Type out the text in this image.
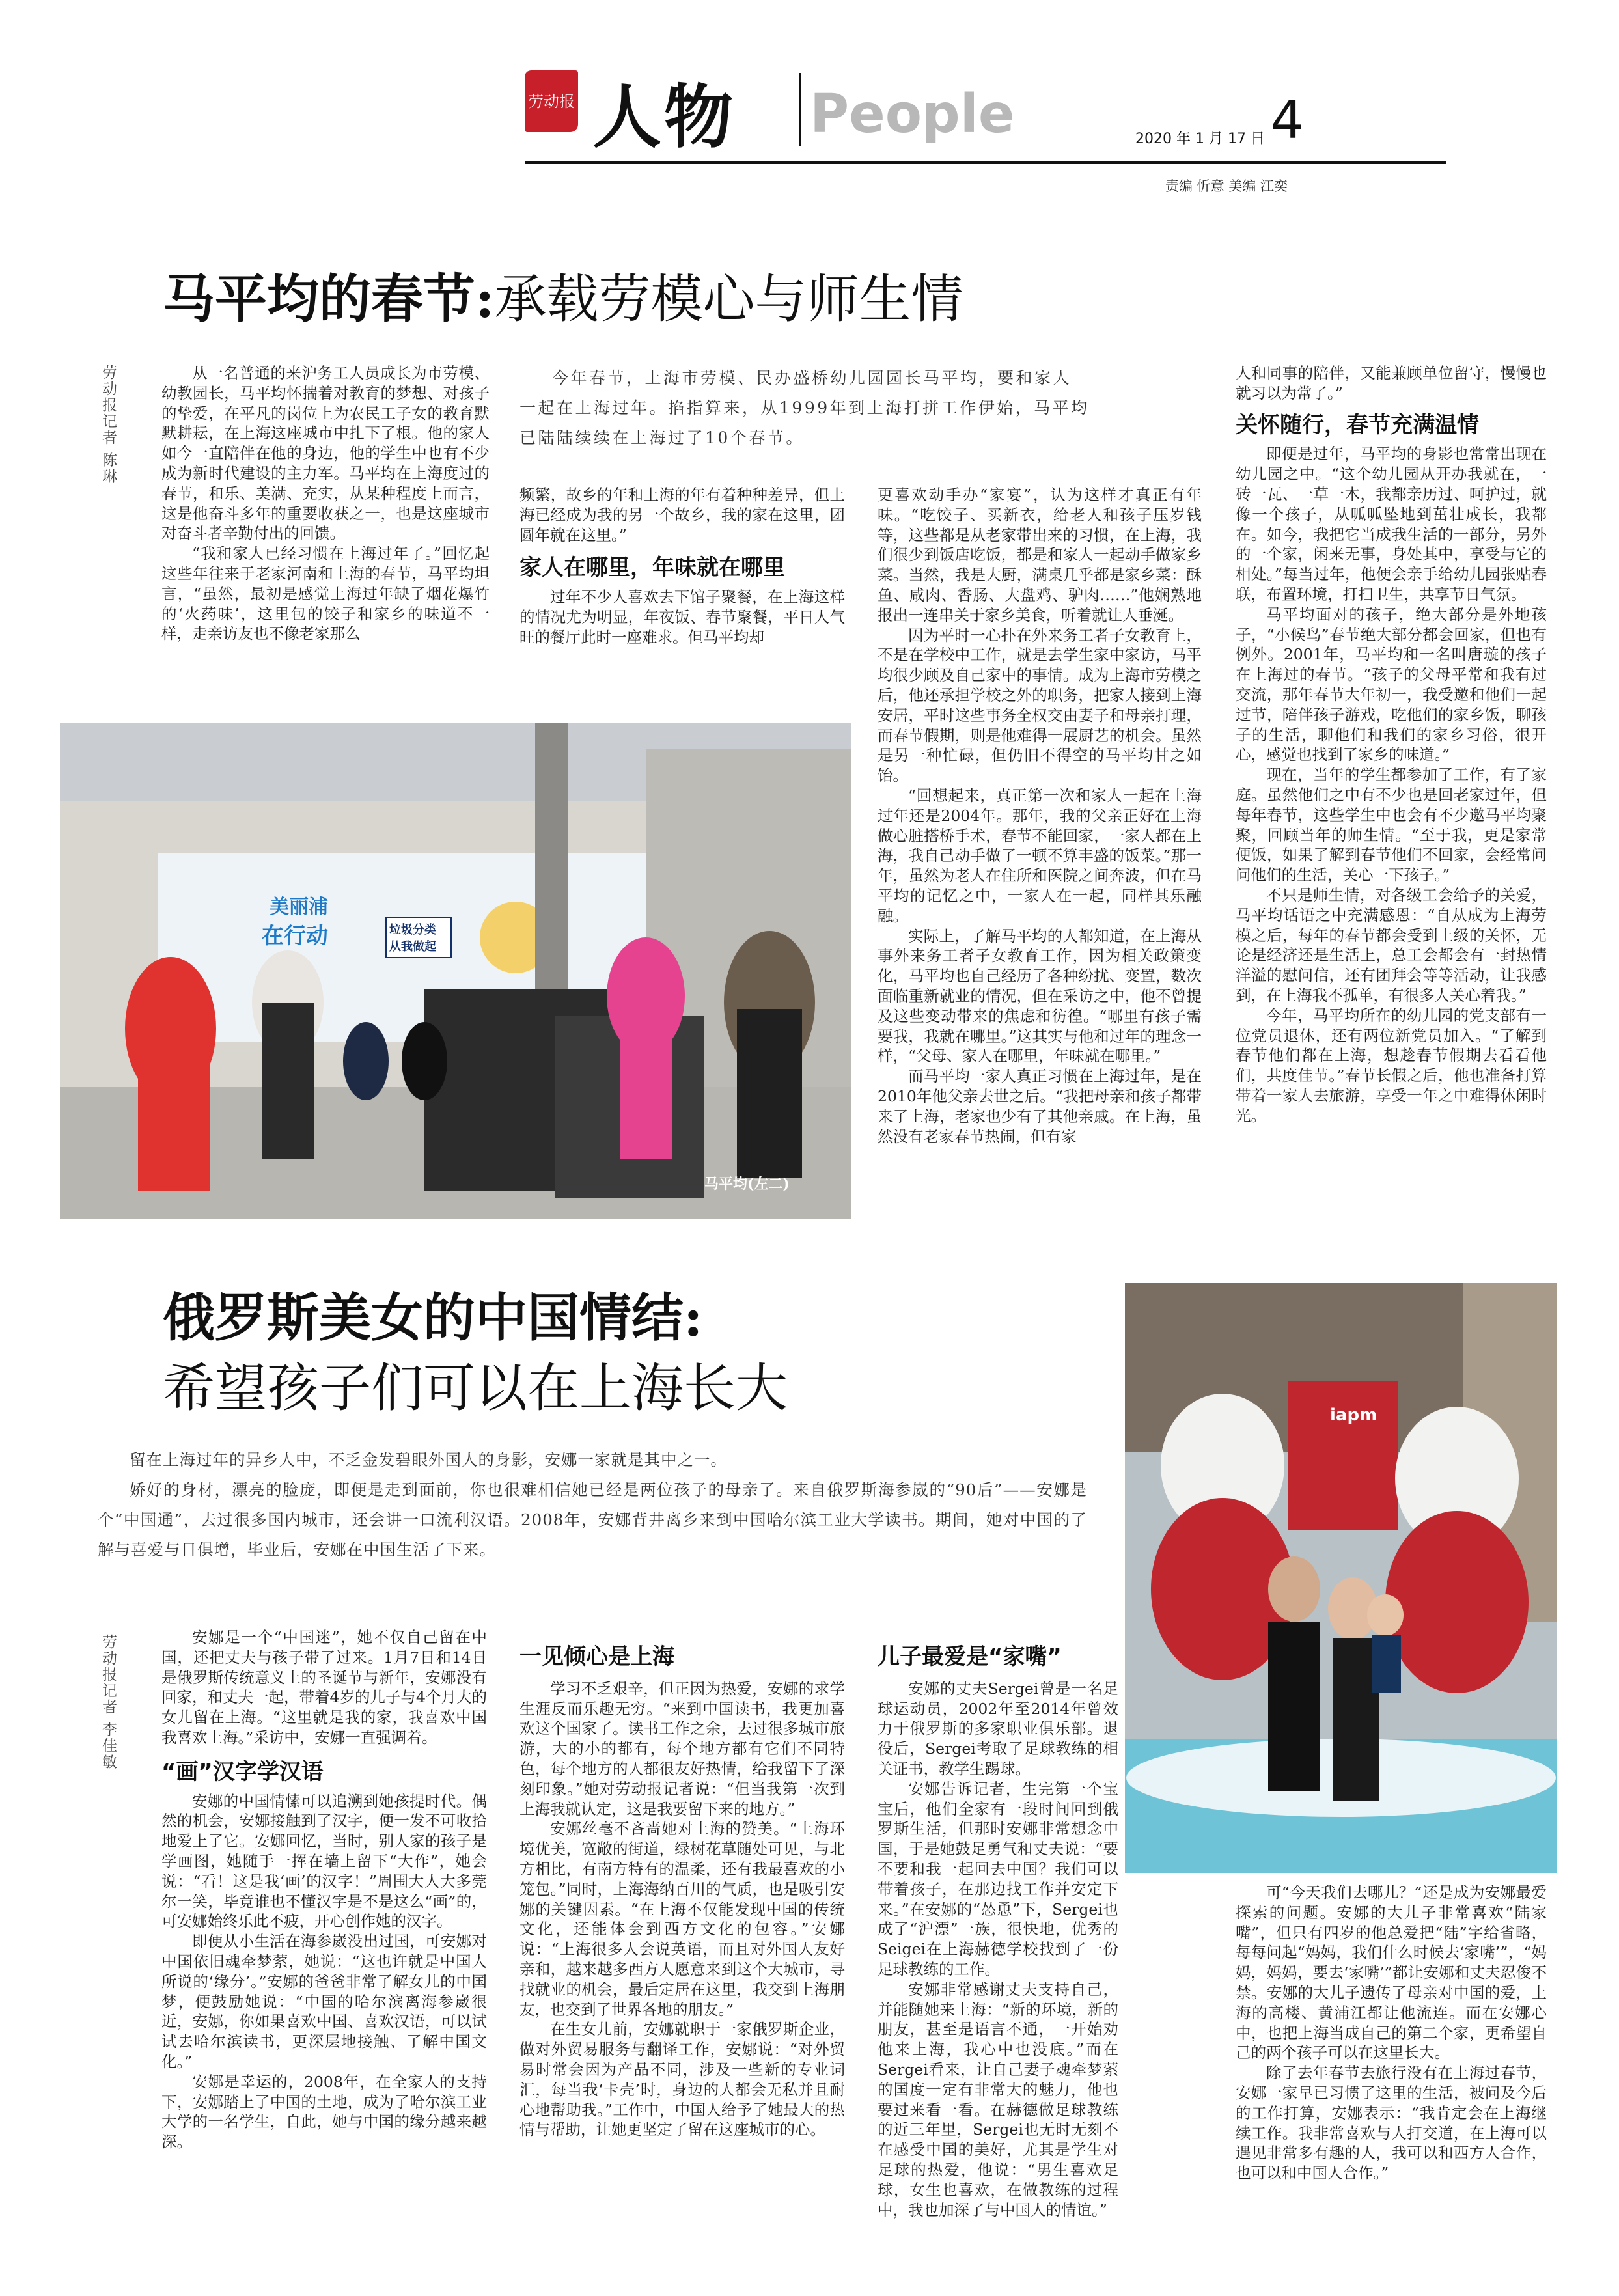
劳动报 人物 People	2020 年 1 月 17 日 4
责编 忻意 美编 江奕
马平均的春节:承载劳模心与师生情
劳动报记者 陈琳	从一名普通的来沪务工人员成长为市劳模、幼教园长，马平均怀揣着对教育的梦想、对孩子的挚爱，在平凡的岗位上为农民工子女的教育默默耕耘，在上海这座城市中扎下了根。他的家人如今一直陪伴在他的身边，他的学生中也有不少成为新时代建设的主力军。马平均在上海度过的春节，和乐、美满、充实，从某种程度上而言，这是他奋斗多年的重要收获之一，也是这座城市对奋斗者辛勤付出的回馈。

“我和家人已经习惯在上海过年了。”回忆起这些年往来于老家河南和上海的春节，马平均坦言，“虽然，最初是感觉上海过年缺了烟花爆竹的‘火药味’，这里包的饺子和家乡的味道不一样，走亲访友也不像老家那么

今年春节，上海市劳模、民办盛桥幼儿园园长马平均，要和家人
一起在上海过年。掐指算来，从1999年到上海打拼工作伊始，马平均
已陆陆续续在上海过了10个春节。

频繁，故乡的年和上海的年有着种种差异，但上海已经成为我的另一个故乡，我的家在这里，团圆年就在这里。”

家人在哪里，年味就在哪里

过年不少人喜欢去下馆子聚餐，在上海这样的情况尤为明显，年夜饭、春节聚餐，平日人气旺的餐厅此时一座难求。但马平均却

更喜欢动手办“家宴”，认为这样才真正有年味。“吃饺子、买新衣，给老人和孩子压岁钱等，这些都是从老家带出来的习惯，在上海，我们很少到饭店吃饭，都是和家人一起动手做家乡菜。当然，我是大厨，满桌几乎都是家乡菜：酥鱼、咸肉、香肠、大盘鸡、驴肉……”他娴熟地报出一连串关于家乡美食，听着就让人垂涎。

因为平时一心扑在外来务工者子女教育上，不是在学校中工作，就是去学生家中家访，马平均很少顾及自己家中的事情。成为上海市劳模之后，他还承担学校之外的职务，把家人接到上海安居，平时这些事务全权交由妻子和母亲打理，而春节假期，则是他难得一展厨艺的机会。虽然是另一种忙碌，但仍旧不得空的马平均甘之如饴。

“回想起来，真正第一次和家人一起在上海过年还是2004年。那年，我的父亲正好在上海做心脏搭桥手术，春节不能回家，一家人都在上海，我自己动手做了一顿不算丰盛的饭菜。”那一年，虽然为老人在住所和医院之间奔波，但在马平均的记忆之中，一家人在一起，同样其乐融融。

实际上，了解马平均的人都知道，在上海从事外来务工者子女教育工作，因为相关政策变化，马平均也自己经历了各种纷扰、变置，数次面临重新就业的情况，但在采访之中，他不曾提及这些变动带来的焦虑和彷徨。“哪里有孩子需要我，我就在哪里。”这其实与他和过年的理念一样，“父母、家人在哪里，年味就在哪里。”

而马平均一家人真正习惯在上海过年，是在2010年他父亲去世之后。“我把母亲和孩子都带来了上海，老家也少有了其他亲戚。在上海，虽然没有老家春节热闹，但有家

人和同事的陪伴，又能兼顾单位留守，慢慢也就习以为常了。”

关怀随行，春节充满温情

即便是过年，马平均的身影也常常出现在幼儿园之中。“这个幼儿园从开办我就在，一砖一瓦、一草一木，我都亲历过、呵护过，就像一个孩子，从呱呱坠地到茁壮成长，我都在。如今，我把它当成我生活的一部分，另外的一个家，闲来无事，身处其中，享受与它的相处。”每当过年，他便会亲手给幼儿园张贴春联，布置环境，打扫卫生，共享节日气氛。

马平均面对的孩子，绝大部分是外地孩子，“小候鸟”春节绝大部分都会回家，但也有例外。2001年，马平均和一名叫唐璇的孩子在上海过的春节。“孩子的父母平常和我有过交流，那年春节大年初一，我受邀和他们一起过节，陪伴孩子游戏，吃他们的家乡饭，聊孩子的生活，聊他们和我们的家乡习俗，很开心，感觉也找到了家乡的味道。”

现在，当年的学生都参加了工作，有了家庭。虽然他们之中有不少也是回老家过年，但每年春节，这些学生中也会有不少邀马平均聚聚，回顾当年的师生情。“至于我，更是家常便饭，如果了解到春节他们不回家，会经常问问他们的生活，关心一下孩子。”

不只是师生情，对各级工会给予的关爱，马平均话语之中充满感恩：“自从成为上海劳模之后，每年的春节都会受到上级的关怀，无论是经济还是生活上，总工会都会有一封热情洋溢的慰问信，还有团拜会等等活动，让我感到，在上海我不孤单，有很多人关心着我。”

今年，马平均所在的幼儿园的党支部有一位党员退休，还有两位新党员加入。“了解到春节他们都在上海，想趁春节假期去看看他们，共度佳节。”春节长假之后，他也准备打算带着一家人去旅游，享受一年之中难得休闲时光。

美丽浦
在行动	垃圾分类 从我做起
马平均(左二)
俄罗斯美女的中国情结:
希望孩子们可以在上海长大
留在上海过年的异乡人中，不乏金发碧眼外国人的身影，安娜一家就是其中之一。
娇好的身材，漂亮的脸庞，即便是走到面前，你也很难相信她已经是两位孩子的母亲了。来自俄罗斯海参崴的“90后”——安娜是个“中国通”，去过很多国内城市，还会讲一口流利汉语。2008年，安娜背井离乡来到中国哈尔滨工业大学读书。期间，她对中国的了解与喜爱与日俱增，毕业后，安娜在中国生活了下来。
iapm
劳动报记者 李佳敏	安娜是一个“中国迷”，她不仅自己留在中国，还把丈夫与孩子带了过来。1月7日和14日是俄罗斯传统意义上的圣诞节与新年，安娜没有回家，和丈夫一起，带着4岁的儿子与4个月大的女儿留在上海。“这里就是我的家，我喜欢中国我喜欢上海。”采访中，安娜一直强调着。

“画”汉字学汉语

安娜的中国情愫可以追溯到她孩提时代。偶然的机会，安娜接触到了汉字，便一发不可收拾地爱上了它。安娜回忆，当时，别人家的孩子是学画图，她随手一挥在墙上留下“大作”，她会说：“看！这是我‘画’的汉字！”周围大人大多莞尔一笑，毕竟谁也不懂汉字是不是这么“画”的，可安娜始终乐此不疲，开心创作她的汉字。

即便从小生活在海参崴没出过国，可安娜对中国依旧魂牵梦萦，她说：“这也许就是中国人所说的‘缘分’。”安娜的爸爸非常了解女儿的中国梦，便鼓励她说：“中国的哈尔滨离海参崴很近，安娜，你如果喜欢中国、喜欢汉语，可以试试去哈尔滨读书，更深层地接触、了解中国文化。”

安娜是幸运的，2008年，在全家人的支持下，安娜踏上了中国的土地，成为了哈尔滨工业大学的一名学生，自此，她与中国的缘分越来越深。

一见倾心是上海

学习不乏艰辛，但正因为热爱，安娜的求学生涯反而乐趣无穷。“来到中国读书，我更加喜欢这个国家了。读书工作之余，去过很多城市旅游，大的小的都有，每个地方都有它们不同特色，每个地方的人都很友好热情，给我留下了深刻印象。”她对劳动报记者说：“但当我第一次到上海我就认定，这是我要留下来的地方。”

安娜丝毫不吝啬她对上海的赞美。“上海环境优美，宽敞的街道，绿树花草随处可见，与北方相比，有南方特有的温柔，还有我最喜欢的小笼包。”同时，上海海纳百川的气质，也是吸引安娜的关键因素。“在上海不仅能发现中国的传统文化，还能体会到西方文化的包容。”安娜说：“上海很多人会说英语，而且对外国人友好亲和，越来越多西方人愿意来到这个大城市，寻找就业的机会，最后定居在这里，我交到上海朋友，也交到了世界各地的朋友。”

在生女儿前，安娜就职于一家俄罗斯企业，做对外贸易服务与翻译工作，安娜说：“对外贸易时常会因为产品不同，涉及一些新的专业词汇，每当我‘卡壳’时，身边的人都会无私并且耐心地帮助我。”工作中，中国人给予了她最大的热情与帮助，让她更坚定了留在这座城市的心。

儿子最爱是“家嘴”

安娜的丈夫Sergei曾是一名足球运动员，2002年至2014年曾效力于俄罗斯的多家职业俱乐部。退役后，Sergei考取了足球教练的相关证书，教学生踢球。

安娜告诉记者，生完第一个宝宝后，他们全家有一段时间回到俄罗斯生活，但那时安娜非常想念中国，于是她鼓足勇气和丈夫说：“要不要和我一起回去中国？我们可以带着孩子，在那边找工作并安定下来。”在安娜的“怂恿”下，Sergei也成了“沪漂”一族，很快地，优秀的Seigei在上海赫德学校找到了一份足球教练的工作。

安娜非常感谢丈夫支持自己，并能随她来上海：“新的环境，新的朋友，甚至是语言不通，一开始劝他来上海，我心中也没底。”而在Sergei看来，让自己妻子魂牵梦萦的国度一定有非常大的魅力，他也要过来看一看。在赫德做足球教练的近三年里，Sergei也无时无刻不在感受中国的美好，尤其是学生对足球的热爱，他说：“男生喜欢足球，女生也喜欢，在做教练的过程中，我也加深了与中国人的情谊。”

可“今天我们去哪儿？”还是成为安娜最爱探索的问题。安娜的大儿子非常喜欢“陆家嘴”，但只有四岁的他总爱把“陆”字给省略，每每问起“妈妈，我们什么时候去‘家嘴’”，“妈妈，妈妈，要去‘家嘴’”都让安娜和丈夫忍俊不禁。安娜的大儿子遗传了母亲对中国的爱，上海的高楼、黄浦江都让他流连。而在安娜心中，也把上海当成自己的第二个家，更希望自己的两个孩子可以在这里长大。

除了去年春节去旅行没有在上海过春节，安娜一家早已习惯了这里的生活，被问及今后的工作打算，安娜表示：“我肯定会在上海继续工作。我非常喜欢与人打交道，在上海可以遇见非常多有趣的人，我可以和西方人合作，也可以和中国人合作。”
